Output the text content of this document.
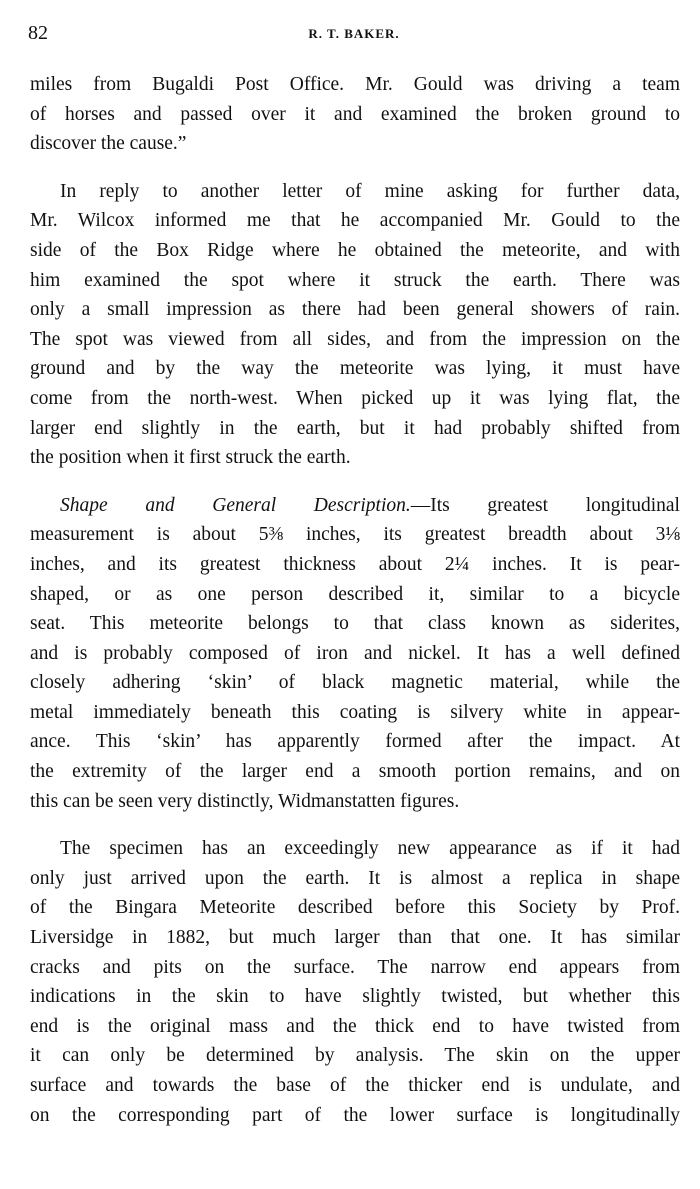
82	R. T. BAKER.
miles from Bugaldi Post Office. Mr. Gould was driving a team
of horses and passed over it and examined the broken ground to
discover the cause.”
In reply to another letter of mine asking for further data,
Mr. Wilcox informed me that he accompanied Mr. Gould to the
side of the Box Ridge where he obtained the meteorite, and with
him examined the spot where it struck the earth. There was
only a small impression as there had been general showers of rain.
The spot was viewed from all sides, and from the impression on the
ground and by the way the meteorite was lying, it must have
come from the north-west. When picked up it was lying flat, the
larger end slightly in the earth, but it had probably shifted from
the position when it first struck the earth.
Shape and General Description.—Its greatest longitudinal
measurement is about 5⅜ inches, its greatest breadth about 3⅛
inches, and its greatest thickness about 2¼ inches. It is pear-
shaped, or as one person described it, similar to a bicycle
seat. This meteorite belongs to that class known as siderites,
and is probably composed of iron and nickel. It has a well defined
closely adhering ‘skin’ of black magnetic material, while the
metal immediately beneath this coating is silvery white in appear-
ance. This ‘skin’ has apparently formed after the impact. At
the extremity of the larger end a smooth portion remains, and on
this can be seen very distinctly, Widmanstatten figures.
The specimen has an exceedingly new appearance as if it had
only just arrived upon the earth. It is almost a replica in shape
of the Bingara Meteorite described before this Society by Prof.
Liversidge in 1882, but much larger than that one. It has similar
cracks and pits on the surface. The narrow end appears from
indications in the skin to have slightly twisted, but whether this
end is the original mass and the thick end to have twisted from
it can only be determined by analysis. The skin on the upper
surface and towards the base of the thicker end is undulate, and
on the corresponding part of the lower surface is longitudinally
